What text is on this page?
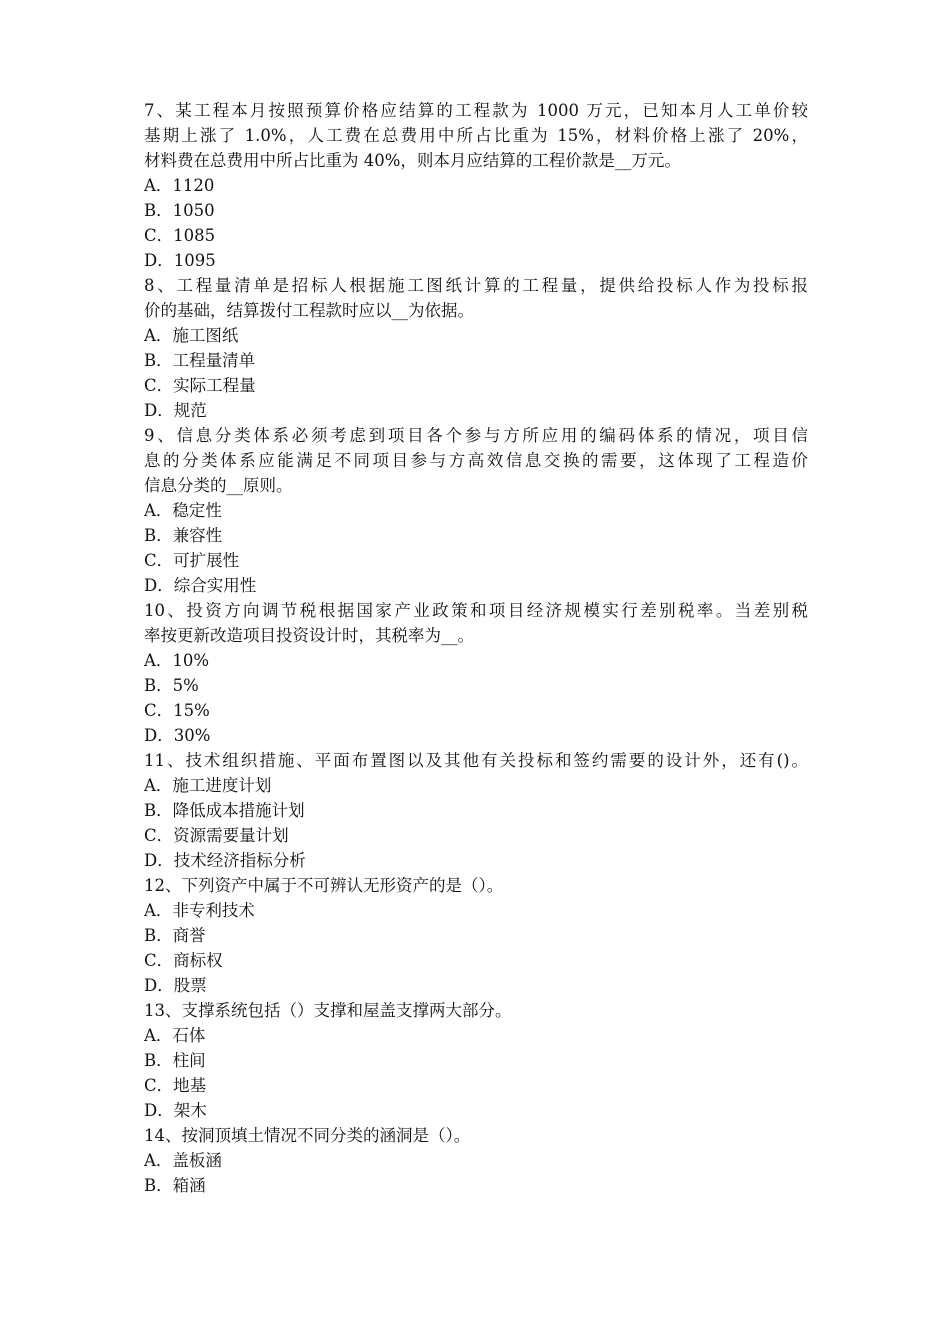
7、某工程本月按照预算价格应结算的工程款为 1000 万元，已知本月人工单价较
基期上涨了 1.0%，人工费在总费用中所占比重为 15%，材料价格上涨了 20%，
材料费在总费用中所占比重为 40%，则本月应结算的工程价款是__万元。
A．1120
B．1050
C．1085
D．1095
8、工程量清单是招标人根据施工图纸计算的工程量，提供给投标人作为投标报
价的基础，结算拨付工程款时应以__为依据。
A．施工图纸
B．工程量清单
C．实际工程量
D．规范
9、信息分类体系必须考虑到项目各个参与方所应用的编码体系的情况，项目信
息的分类体系应能满足不同项目参与方高效信息交换的需要，这体现了工程造价
信息分类的__原则。
A．稳定性
B．兼容性
C．可扩展性
D．综合实用性
10、投资方向调节税根据国家产业政策和项目经济规模实行差别税率。当差别税
率按更新改造项目投资设计时，其税率为__。
A．10%
B．5%
C．15%
D．30%
11、技术组织措施、平面布置图以及其他有关投标和签约需要的设计外，还有()。
A．施工进度计划
B．降低成本措施计划
C．资源需要量计划
D．技术经济指标分析
12、下列资产中属于不可辨认无形资产的是（）。
A．非专利技术
B．商誉
C．商标权
D．股票
13、支撑系统包括（）支撑和屋盖支撑两大部分。
A．石体
B．柱间
C．地基
D．架木
14、按洞顶填土情况不同分类的涵洞是（）。
A．盖板涵
B．箱涵
